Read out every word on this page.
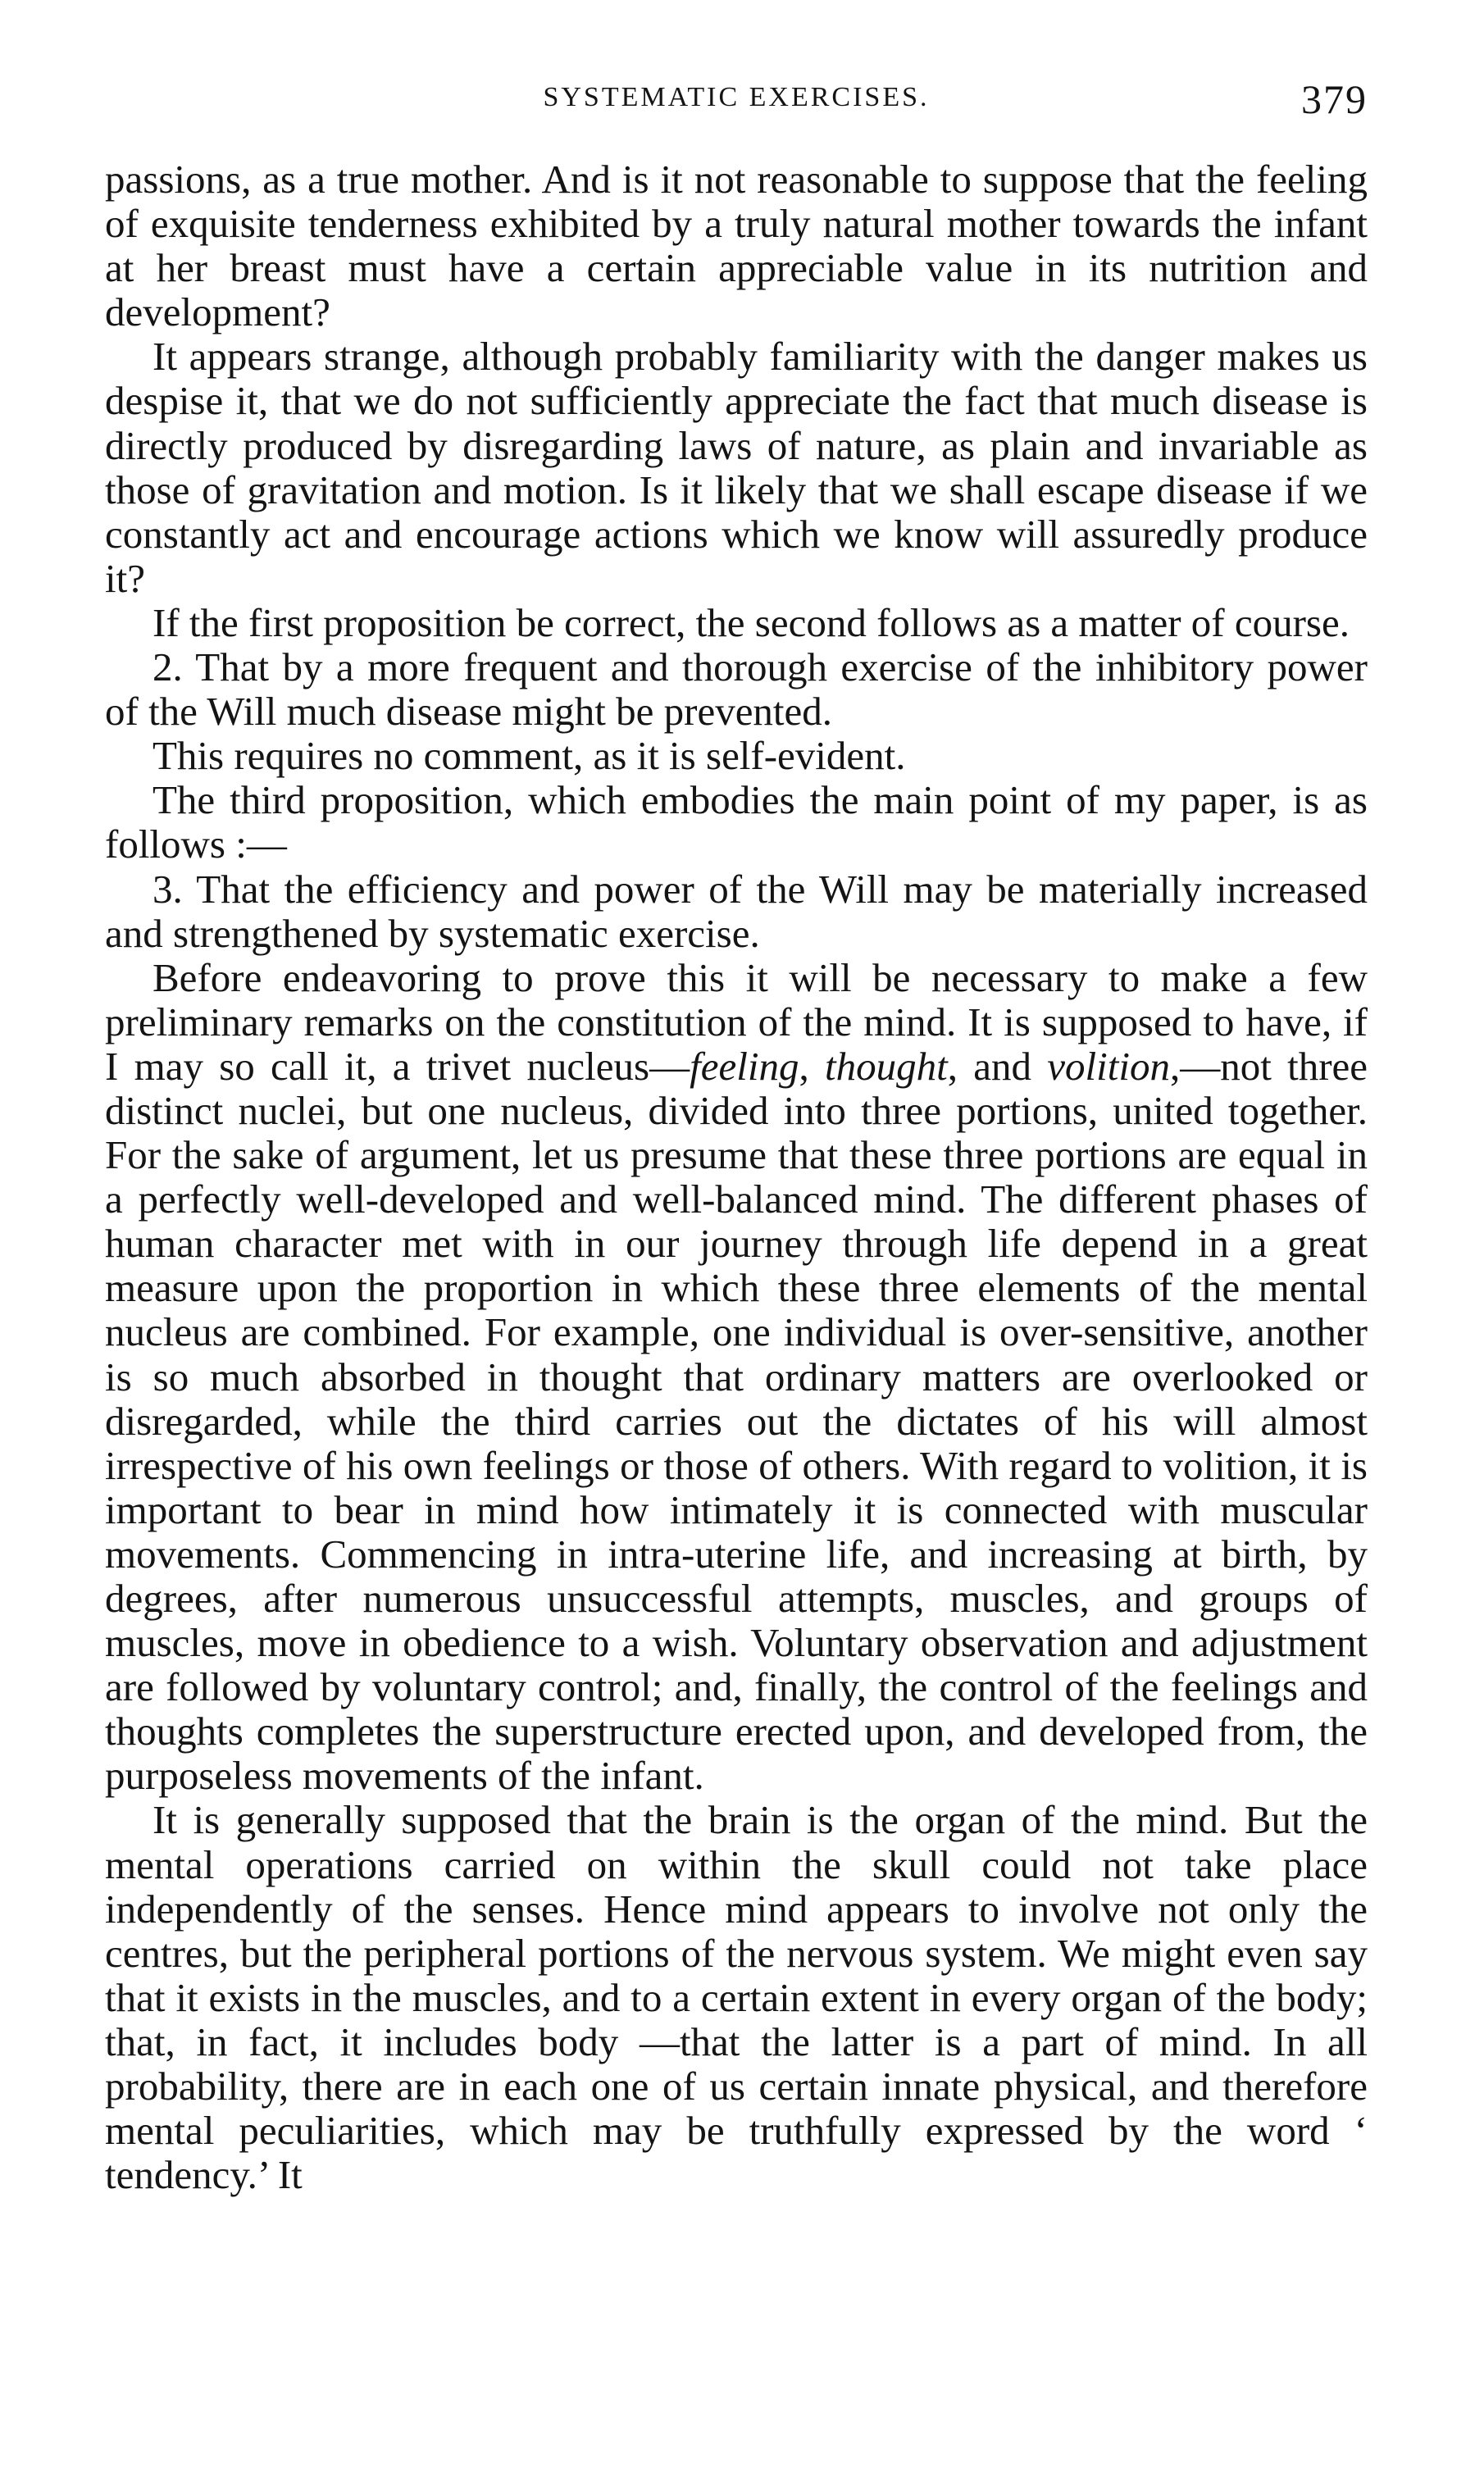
SYSTEMATIC EXERCISES.	379

passions, as a true mother. And is it not reasonable to suppose that the feeling of exquisite tenderness exhibited by a truly natural mother towards the infant at her breast must have a certain appreciable value in its nutrition and development?

It appears strange, although probably familiarity with the danger makes us despise it, that we do not sufficiently appreciate the fact that much disease is directly produced by disregarding laws of nature, as plain and invariable as those of gravitation and motion. Is it likely that we shall escape disease if we constantly act and encourage actions which we know will assuredly produce it?

If the first proposition be correct, the second follows as a matter of course.

2. That by a more frequent and thorough exercise of the inhibitory power of the Will much disease might be prevented.

This requires no comment, as it is self-evident.

The third proposition, which embodies the main point of my paper, is as follows :—

3. That the efficiency and power of the Will may be materially increased and strengthened by systematic exercise.

Before endeavoring to prove this it will be necessary to make a few preliminary remarks on the constitution of the mind. It is supposed to have, if I may so call it, a trivet nucleus—feeling, thought, and volition,—not three distinct nuclei, but one nucleus, divided into three portions, united together. For the sake of argument, let us presume that these three portions are equal in a perfectly well-developed and well-balanced mind. The different phases of human character met with in our journey through life depend in a great measure upon the proportion in which these three elements of the mental nucleus are combined. For example, one individual is over-sensitive, another is so much absorbed in thought that ordinary matters are overlooked or disregarded, while the third carries out the dictates of his will almost irrespective of his own feelings or those of others. With regard to volition, it is important to bear in mind how intimately it is connected with muscular movements. Commencing in intra-uterine life, and increasing at birth, by degrees, after numerous unsuccessful attempts, muscles, and groups of muscles, move in obedience to a wish. Voluntary observation and adjustment are followed by voluntary control; and, finally, the control of the feelings and thoughts completes the superstructure erected upon, and developed from, the purposeless movements of the infant.

It is generally supposed that the brain is the organ of the mind. But the mental operations carried on within the skull could not take place independently of the senses. Hence mind appears to involve not only the centres, but the peripheral portions of the nervous system. We might even say that it exists in the muscles, and to a certain extent in every organ of the body; that, in fact, it includes body —that the latter is a part of mind. In all probability, there are in each one of us certain innate physical, and therefore mental peculiarities, which may be truthfully expressed by the word ‘ tendency.’ It
